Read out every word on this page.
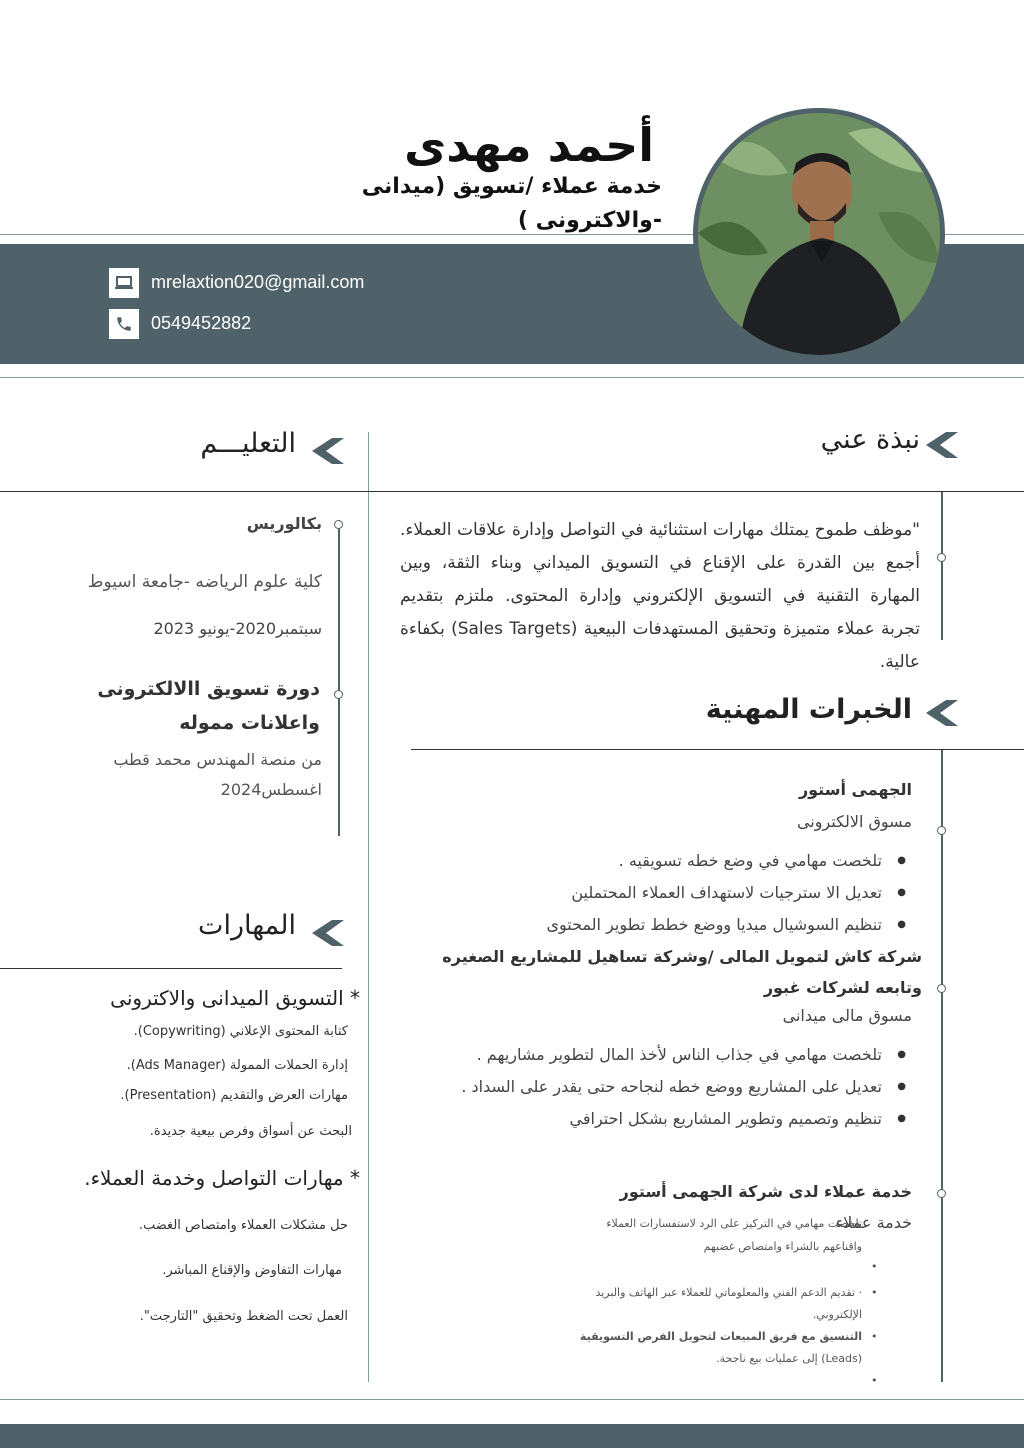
أحمد مهدى
خدمة عملاء /تسويق (ميدانى
-والاكترونى )
mrelaxtion020@gmail.com
0549452882
نبذة عني
"موظف طموح يمتلك مهارات استثنائية في التواصل وإدارة علاقات العملاء. أجمع بين القدرة على الإقناع في التسويق الميداني وبناء الثقة، وبين المهارة التقنية في التسويق الإلكتروني وإدارة المحتوى. ملتزم بتقديم تجربة عملاء متميزة وتحقيق المستهدفات البيعية (Sales Targets) بكفاءة عالية.
الخبرات المهنية
الجهمى أستور
مسوق الالكترونى
● تلخصت مهامي في وضع خطه تسويقيه .
● تعديل الا سترجيات لاستهداف العملاء المحتملين
● تنظيم السوشيال ميديا ووضع خطط تطوير المحتوى
شركة كاش لتمويل المالى /وشركة تساهيل للمشاريع الصغيره
وتابعه لشركات غبور
مسوق مالى ميدانى
● تلخصت مهامي في جذاب الناس لأخذ المال لتطوير مشاريهم .
● تعديل على المشاريع ووضع خطه لنجاحه حتى يقدر على السداد .
● تنظيم وتصميم وتطوير المشاريع بشكل احترافي
خدمة عملاء لدى شركة الجهمى أستور
خدمة عملاء
تلخصت مهامي في التركيز على الرد لاستفسارات العملاء
واقناعهم بالشراء وامتصاص غضبهم
•
· تقديم الدعم الفني والمعلوماتي للعملاء عبر الهاتف والبريد •
الإلكتروني.
التنسيق مع فريق المبيعات لتحويل الفرص التسويقية •
(Leads) إلى عمليات بيع ناجحة.
•
التعليـــم
بكالوريس
كلية علوم الرياضه -جامعة اسيوط
سبتمبر2020-يونيو 2023
دورة تسويق االالكترونى
واعلانات مموله
من منصة المهندس محمد قطب
اغسطس2024
المهارات
* التسويق الميدانى والاكترونى
كتابة المحتوى الإعلاني (Copywriting).
إدارة الحملات الممولة (Ads Manager).
مهارات العرض والتقديم (Presentation).
البحث عن أسواق وفرص بيعية جديدة.
* مهارات التواصل وخدمة العملاء.
حل مشكلات العملاء وامتصاص الغضب.
مهارات التفاوض والإقناع المباشر.
العمل تحت الضغط وتحقيق "التارجت".
